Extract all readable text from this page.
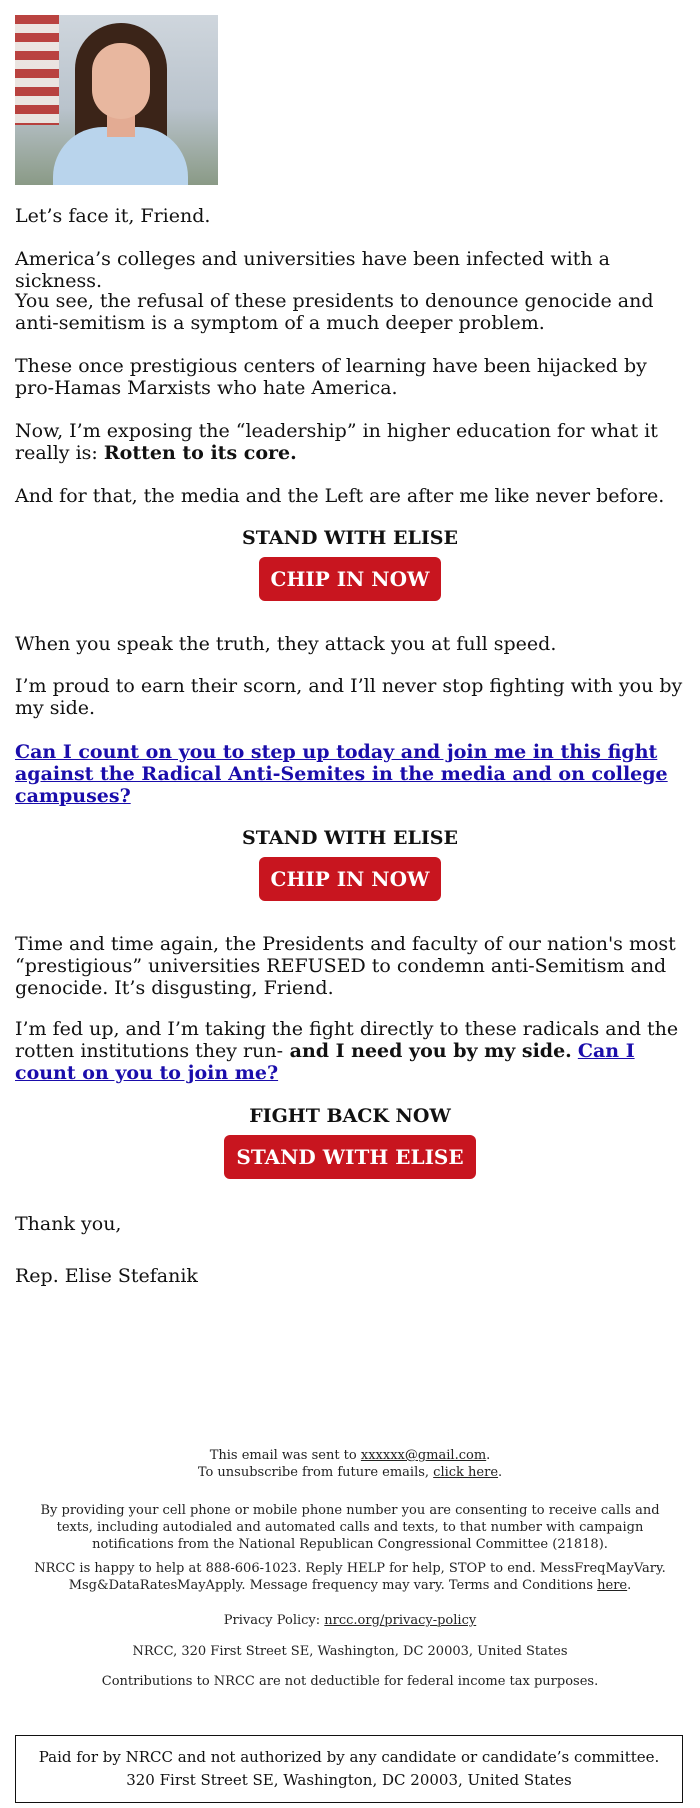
Let’s face it, Friend.

America’s colleges and universities have been infected with a sickness.

You see, the refusal of these presidents to denounce genocide and anti-semitism is a symptom of a much deeper problem.

These once prestigious centers of learning have been hijacked by pro-Hamas Marxists who hate America.

Now, I’m exposing the “leadership” in higher education for what it really is: Rotten to its core.

And for that, the media and the Left are after me like never before.

STAND WITH ELISE
CHIP IN NOW

When you speak the truth, they attack you at full speed.

I’m proud to earn their scorn, and I’ll never stop fighting with you by my side.

Can I count on you to step up today and join me in this fight against the Radical Anti-Semites in the media and on college campuses?

STAND WITH ELISE
CHIP IN NOW

Time and time again, the Presidents and faculty of our nation's most “prestigious” universities REFUSED to condemn anti-Semitism and genocide. It’s disgusting, Friend.

I’m fed up, and I’m taking the fight directly to these radicals and the rotten institutions they run- and I need you by my side. Can I count on you to join me?

FIGHT BACK NOW
STAND WITH ELISE

Thank you,

Rep. Elise Stefanik

This email was sent to xxxxxx@gmail.com.
To unsubscribe from future emails, click here.
By providing your cell phone or mobile phone number you are consenting to receive calls and texts, including autodialed and automated calls and texts, to that number with campaign notifications from the National Republican Congressional Committee (21818).
NRCC is happy to help at 888-606-1023. Reply HELP for help, STOP to end. MessFreqMayVary. Msg&DataRatesMayApply. Message frequency may vary. Terms and Conditions here.
Privacy Policy: nrcc.org/privacy-policy
NRCC, 320 First Street SE, Washington, DC 20003, United States
Contributions to NRCC are not deductible for federal income tax purposes.
Paid for by NRCC and not authorized by any candidate or candidate’s committee. 320 First Street SE, Washington, DC 20003, United States
